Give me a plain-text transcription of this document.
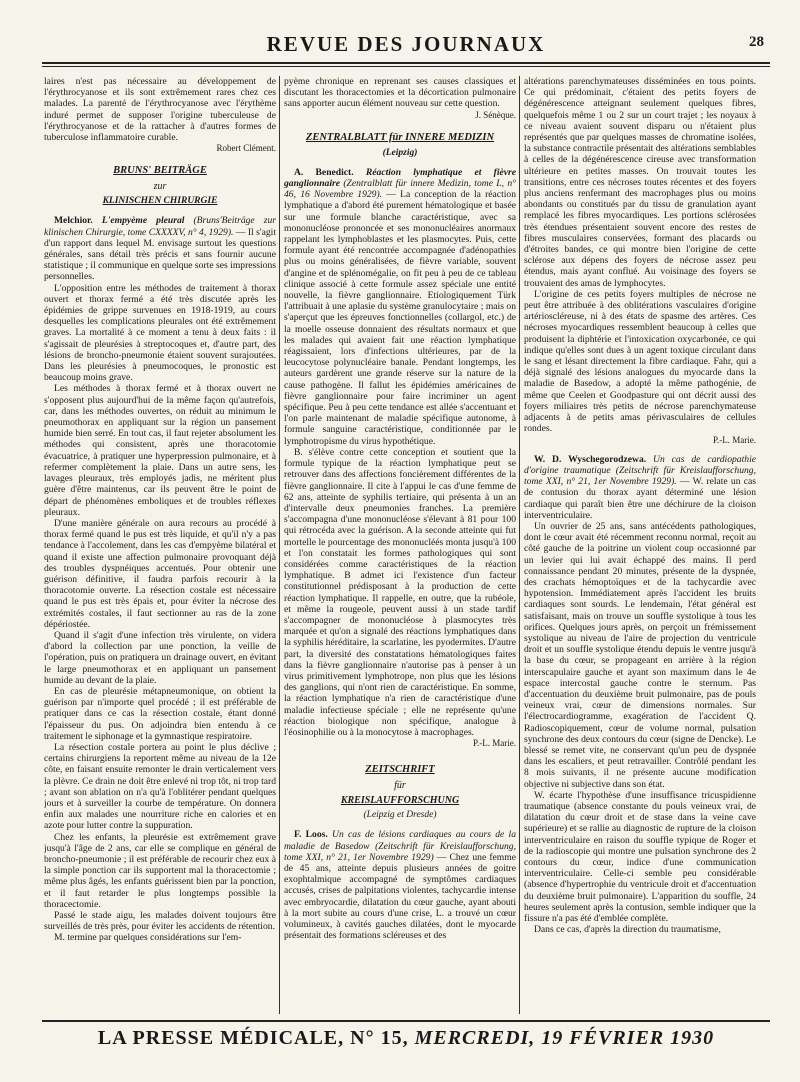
REVUE DES JOURNAUX	28

laires n'est pas nécessaire au développement de l'érythrocyanose et ils sont extrêmement rares chez ces malades. La parenté de l'érythrocyanose avec l'érythème induré permet de supposer l'origine tuberculeuse de l'érythrocyanose et de la rattacher à d'autres formes de tuberculose inflammatoire curable.

Robert Clément.

BRUNS' BEITRÄGE
zur
KLINISCHEN CHIRURGIE

Melchior. L'empyème pleural (Bruns'Beiträge zur klinischen Chirurgie, tome CXXXXV, n° 4, 1929). — Il s'agit d'un rapport dans lequel M. envisage surtout les questions générales, sans détail très précis et sans fournir aucune statistique ; il communique en quelque sorte ses impressions personnelles.

L'opposition entre les méthodes de traitement à thorax ouvert et thorax fermé a été très discutée après les épidémies de grippe survenues en 1918-1919, au cours desquelles les complications pleurales ont été extrêmement graves. La mortalité à ce moment a tenu à deux faits : il s'agissait de pleurésies à streptocoques et, d'autre part, des lésions de broncho-pneumonie étaient souvent surajoutées. Dans les pleurésies à pneumocoques, le pronostic est beaucoup moins grave.

Les méthodes à thorax fermé et à thorax ouvert ne s'opposent plus aujourd'hui de la même façon qu'autrefois, car, dans les méthodes ouvertes, on réduit au minimum le pneumothorax en appliquant sur la région un pansement humide bien serré. En tout cas, il faut rejeter absolument les méthodes qui consistent, après une thoracotomie évacuatrice, à pratiquer une hyperpression pulmonaire, et à refermer complètement la plaie. Dans un autre sens, les lavages pleuraux, très employés jadis, ne méritent plus guère d'être maintenus, car ils peuvent être le point de départ de phénomènes emboliques et de troubles réflexes pleuraux.

D'une manière générale on aura recours au procédé à thorax fermé quand le pus est très liquide, et qu'il n'y a pas tendance à l'accolement, dans les cas d'empyème bilatéral et quand il existe une affection pulmonaire provoquant déjà des troubles dyspnéiques accentués. Pour obtenir une guérison définitive, il faudra parfois recourir à la thoracotomie ouverte. La résection costale est nécessaire quand le pus est très épais et, pour éviter la nécrose des extrémités costales, il faut sectionner au ras de la zone dépériostée.

Quand il s'agit d'une infection très virulente, on videra d'abord la collection par une ponction, la veille de l'opération, puis on pratiquera un drainage ouvert, en évitant le large pneumothorax et en appliquant un pansement humide au devant de la plaie.

En cas de pleurésie métapneumonique, on obtient la guérison par n'importe quel procédé ; il est préférable de pratiquer dans ce cas la résection costale, étant donné l'épaisseur du pus. On adjoindra bien entendu à ce traitement le siphonage et la gymnastique respiratoire.

La résection costale portera au point le plus déclive ; certains chirurgiens la reportent même au niveau de la 12e côte, en faisant ensuite remonter le drain verticalement vers la plèvre. Ce drain ne doit être enlevé ni trop tôt, ni trop tard ; avant son ablation on n'a qu'à l'oblitérer pendant quelques jours et à surveiller la courbe de température. On donnera enfin aux malades une nourriture riche en calories et en azote pour lutter contre la suppuration.

Chez les enfants, la pleurésie est extrêmement grave jusqu'à l'âge de 2 ans, car elle se complique en général de broncho-pneumonie ; il est préférable de recourir chez eux à la simple ponction car ils supportent mal la thoracectomie ; même plus âgés, les enfants guérissent bien par la ponction, et il faut retarder le plus longtemps possible la thoracectomie.

Passé le stade aigu, les malades doivent toujours être surveillés de très près, pour éviter les accidents de rétention.

M. termine par quelques considérations sur l'em-

pyème chronique en reprenant ses causes classiques et discutant les thoracectomies et la décortication pulmonaire sans apporter aucun élément nouveau sur cette question.

J. Sénèque.

ZENTRALBLATT für INNERE MEDIZIN
(Leipzig)

A. Benedict. Réaction lymphatique et fièvre ganglionnaire (Zentralblatt für innere Medizin, tome L, n° 46, 16 Novembre 1929). — La conception de la réaction lymphatique a d'abord été purement hématologique et basée sur une formule blanche caractéristique, avec sa mononucléose prononcée et ses mononucléaires anormaux rappelant les lymphoblastes et les plasmocytes. Puis, cette formule ayant été rencontrée accompagnée d'adénopathies plus ou moins généralisées, de fièvre variable, souvent d'angine et de splénomégalie, on fit peu à peu de ce tableau clinique associé à cette formule assez spéciale une entité nouvelle, la fièvre ganglionnaire. Etiologiquement Türk l'attribuait à une aplasie du système granulocytaire ; mais on s'aperçut que les épreuves fonctionnelles (collargol, etc.) de la moelle osseuse donnaient des résultats normaux et que les malades qui avaient fait une réaction lymphatique réagissaient, lors d'infections ultérieures, par de la leucocytose polynucléaire banale. Pendant longtemps, les auteurs gardèrent une grande réserve sur la nature de la cause pathogène. Il fallut les épidémies américaines de fièvre ganglionnaire pour faire incriminer un agent spécifique. Peu à peu cette tendance est allée s'accentuant et l'on parle maintenant de maladie spécifique autonome, à formule sanguine caractéristique, conditionnée par le lymphotropisme du virus hypothétique.

B. s'élève contre cette conception et soutient que la formule typique de la réaction lymphatique peut se retrouver dans des affections foncièrement différentes de la fièvre ganglionnaire. Il cite à l'appui le cas d'une femme de 62 ans, atteinte de syphilis tertiaire, qui présenta à un an d'intervalle deux pneumonies franches. La première s'accompagna d'une mononucléose s'élevant à 81 pour 100 qui rétrocéda avec la guérison. A la seconde atteinte qui fut mortelle le pourcentage des mononucléés monta jusqu'à 100 et l'on constatait les formes pathologiques qui sont considérées comme caractéristiques de la réaction lymphatique. B admet ici l'existence d'un facteur constitutionnel prédisposant à la production de cette réaction lymphatique. Il rappelle, en outre, que la rubéole, et même la rougeole, peuvent aussi à un stade tardif s'accompagner de mononucléose à plasmocytes très marquée et qu'on a signalé des réactions lymphatiques dans la syphilis héréditaire, la scarlatine, les pyodermites. D'autre part, la diversité des constatations hématologiques faites dans la fièvre ganglionnaire n'autorise pas à penser à un virus primitivement lymphotrope, non plus que les lésions des ganglions, qui n'ont rien de caractéristique. En somme, la réaction lymphatique n'a rien de caractéristique d'une maladie infectieuse spéciale ; elle ne représente qu'une réaction biologique non spécifique, analogue à l'éosinophilie ou à la monocytose à macrophages.

P.-L. Marie.

ZEITSCHRIFT
für
KREISLAUFFORSCHUNG
(Leipzig et Dresde)

F. Loos. Un cas de lésions cardiaques au cours de la maladie de Basedow (Zeitschrift für Kreislaufforschung, tome XXI, n° 21, 1er Novembre 1929) — Chez une femme de 45 ans, atteinte depuis plusieurs années de goitre exophtalmique accompagné de symptômes cardiaques accusés, crises de palpitations violentes, tachycardie intense avec embryocardie, dilatation du cœur gauche, ayant abouti à la mort subite au cours d'une crise, L. a trouvé un cœur volumineux, à cavités gauches dilatées, dont le myocarde présentait des formations scléreuses et des

altérations parenchymateuses disséminées en tous points. Ce qui prédominait, c'étaient des petits foyers de dégénérescence atteignant seulement quelques fibres, quelquefois même 1 ou 2 sur un court trajet ; les noyaux à ce niveau avaient souvent disparu ou n'étaient plus représentés que par quelques masses de chromatine isolées, la substance contractile présentait des altérations semblables à celles de la dégénérescence cireuse avec transformation ultérieure en petites masses. On trouvait toutes les transitions, entre ces nécroses toutes récentes et des foyers plus anciens renfermant des macrophages plus ou moins abondants ou constitués par du tissu de granulation ayant remplacé les fibres myocardiques. Les portions sclérosées très étendues présentaient souvent encore des restes de fibres musculaires conservées, formant des placards ou d'étroites bandes, ce qui montre bien l'origine de cette sclérose aux dépens des foyers de nécrose assez peu étendus, mais ayant conflué. Au voisinage des foyers se trouvaient des amas de lymphocytes.

L'origine de ces petits foyers multiples de nécrose ne peut être attribuée à des oblitérations vasculaires d'origine artérioscléreuse, ni à des états de spasme des artères. Ces nécroses myocardiques ressemblent beaucoup à celles que produisent la diphtérie et l'intoxication oxycarbonée, ce qui indique qu'elles sont dues à un agent toxique circulant dans le sang et lésant directement la fibre cardiaque. Fahr, qui a déjà signalé des lésions analogues du myocarde dans la maladie de Basedow, a adopté la même pathogénie, de même que Ceelen et Goodpasture qui ont décrit aussi des foyers miliaires très petits de nécrose parenchymateuse adjacents à de petits amas périvasculaires de cellules rondes.

P.-L. Marie.

W. D. Wyschegorodzewa. Un cas de cardiopathie d'origine traumatique (Zeitschrift für Kreislaufforschung, tome XXI, n° 21, 1er Novembre 1929). — W. relate un cas de contusion du thorax ayant déterminé une lésion cardiaque qui paraît bien être une déchirure de la cloison interventriculaire.

Un ouvrier de 25 ans, sans antécédents pathologiques, dont le cœur avait été récemment reconnu normal, reçoit au côté gauche de la poitrine un violent coup occasionné par un levier qui lui avait échappé des mains. Il perd connaissance pendant 20 minutes, présente de la dyspnée, des crachats hémoptoïques et de la tachycardie avec hypotension. Immédiatement après l'accident les bruits cardiaques sont sourds. Le lendemain, l'état général est satisfaisant, mais on trouve un souffle systolique à tous les orifices. Quelques jours après, on perçoit un frémissement systolique au niveau de l'aire de projection du ventricule droit et un souffle systolique étendu depuis le ventre jusqu'à la base du cœur, se propageant en arrière à la région interscapulaire gauche et ayant son maximum dans le 4e espace intercostal gauche contre le sternum. Pas d'accentuation du deuxième bruit pulmonaire, pas de pouls veineux vrai, cœur de dimensions normales. Sur l'électrocardiogramme, exagération de l'accident Q. Radioscopiquement, cœur de volume normal, pulsation synchrone des deux contours du cœur (signe de Dencke). Le blessé se remet vite, ne conservant qu'un peu de dyspnée dans les escaliers, et peut retravailler. Contrôlé pendant les 8 mois suivants, il ne présente aucune modification objective ni subjective dans son état.

W. écarte l'hypothèse d'une insuffisance tricuspidienne traumatique (absence constante du pouls veineux vrai, de dilatation du cœur droit et de stase dans la veine cave supérieure) et se rallie au diagnostic de rupture de la cloison interventriculaire en raison du souffle typique de Roger et de la radioscopie qui montre une pulsation synchrone des 2 contours du cœur, indice d'une communication interventriculaire. Celle-ci semble peu considérable (absence d'hypertrophie du ventricule droit et d'accentuation du deuxième bruit pulmonaire). L'apparition du souffle, 24 heures seulement après la contusion, semble indiquer que la fissure n'a pas été d'emblée complète.

Dans ce cas, d'après la direction du traumatisme,

LA PRESSE MÉDICALE, N° 15, MERCREDI, 19 FÉVRIER 1930
